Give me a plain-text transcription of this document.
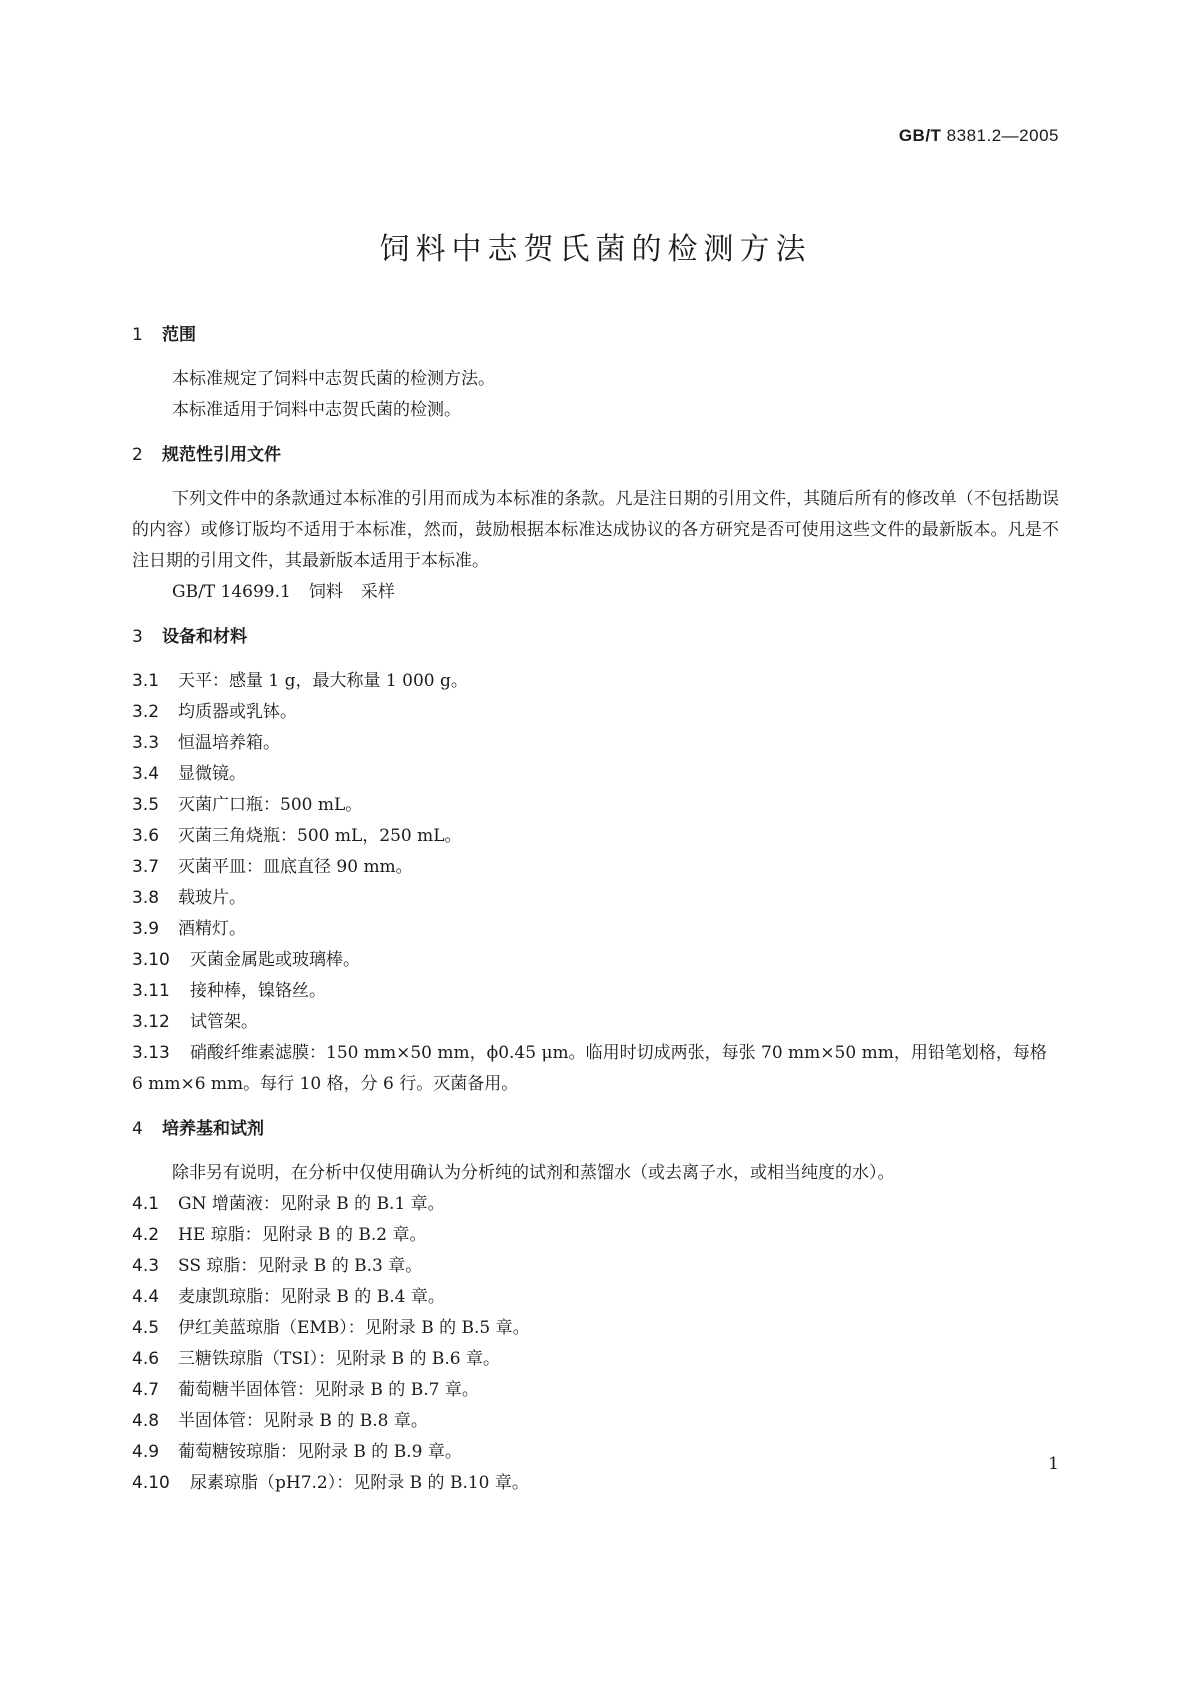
GB/T 8381.2—2005
饲料中志贺氏菌的检测方法
1 范围
本标准规定了饲料中志贺氏菌的检测方法。
本标准适用于饲料中志贺氏菌的检测。
2 规范性引用文件
下列文件中的条款通过本标准的引用而成为本标准的条款。凡是注日期的引用文件，其随后所有的修改单（不包括勘误的内容）或修订版均不适用于本标准，然而，鼓励根据本标准达成协议的各方研究是否可使用这些文件的最新版本。凡是不注日期的引用文件，其最新版本适用于本标准。
GB/T 14699.1 饲料 采样
3 设备和材料
3.1 天平：感量 1 g，最大称量 1 000 g。
3.2 均质器或乳钵。
3.3 恒温培养箱。
3.4 显微镜。
3.5 灭菌广口瓶：500 mL。
3.6 灭菌三角烧瓶：500 mL，250 mL。
3.7 灭菌平皿：皿底直径 90 mm。
3.8 载玻片。
3.9 酒精灯。
3.10 灭菌金属匙或玻璃棒。
3.11 接种棒，镍铬丝。
3.12 试管架。
3.13 硝酸纤维素滤膜：150 mm×50 mm，ϕ0.45 μm。临用时切成两张，每张 70 mm×50 mm，用铅笔划格，每格 6 mm×6 mm。每行 10 格，分 6 行。灭菌备用。
4 培养基和试剂
除非另有说明，在分析中仅使用确认为分析纯的试剂和蒸馏水（或去离子水，或相当纯度的水）。
4.1 GN 增菌液：见附录 B 的 B.1 章。
4.2 HE 琼脂：见附录 B 的 B.2 章。
4.3 SS 琼脂：见附录 B 的 B.3 章。
4.4 麦康凯琼脂：见附录 B 的 B.4 章。
4.5 伊红美蓝琼脂（EMB）：见附录 B 的 B.5 章。
4.6 三糖铁琼脂（TSI）：见附录 B 的 B.6 章。
4.7 葡萄糖半固体管：见附录 B 的 B.7 章。
4.8 半固体管：见附录 B 的 B.8 章。
4.9 葡萄糖铵琼脂：见附录 B 的 B.9 章。
4.10 尿素琼脂（pH7.2）：见附录 B 的 B.10 章。
1
